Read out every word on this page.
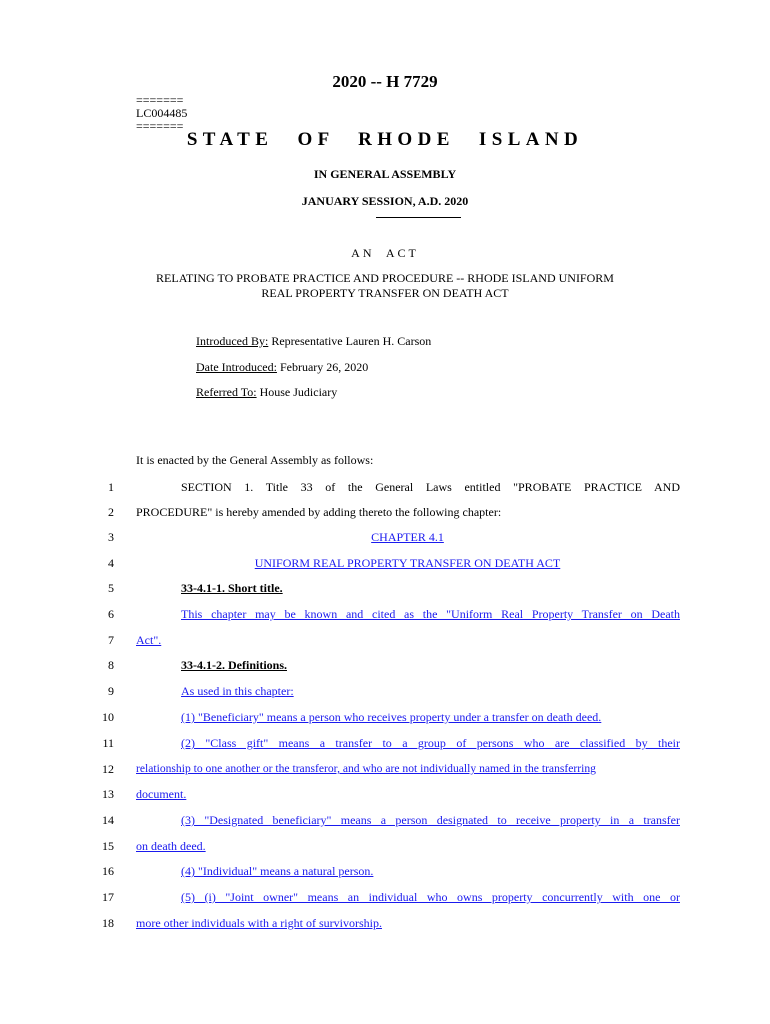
2020 -- H 7729
=======
LC004485
=======
STATE OF RHODE ISLAND
IN GENERAL ASSEMBLY
JANUARY SESSION, A.D. 2020
AN ACT
RELATING TO PROBATE PRACTICE AND PROCEDURE -- RHODE ISLAND UNIFORM
REAL PROPERTY TRANSFER ON DEATH ACT
Introduced By: Representative Lauren H. Carson
Date Introduced: February 26, 2020
Referred To: House Judiciary
It is enacted by the General Assembly as follows:
1	SECTION 1. Title 33 of the General Laws entitled "PROBATE PRACTICE AND
2 PROCEDURE" is hereby amended by adding thereto the following chapter:
3	CHAPTER 4.1
4	UNIFORM REAL PROPERTY TRANSFER ON DEATH ACT
5	33-4.1-1. Short title.
6	This chapter may be known and cited as the "Uniform Real Property Transfer on Death
7 Act".
8	33-4.1-2. Definitions.
9	As used in this chapter:
10	(1) "Beneficiary" means a person who receives property under a transfer on death deed.
11	(2) "Class gift" means a transfer to a group of persons who are classified by their
12 relationship to one another or the transferor, and who are not individually named in the transferring
13 document.
14	(3) "Designated beneficiary" means a person designated to receive property in a transfer
15 on death deed.
16	(4) "Individual" means a natural person.
17	(5) (i) "Joint owner" means an individual who owns property concurrently with one or
18 more other individuals with a right of survivorship.
